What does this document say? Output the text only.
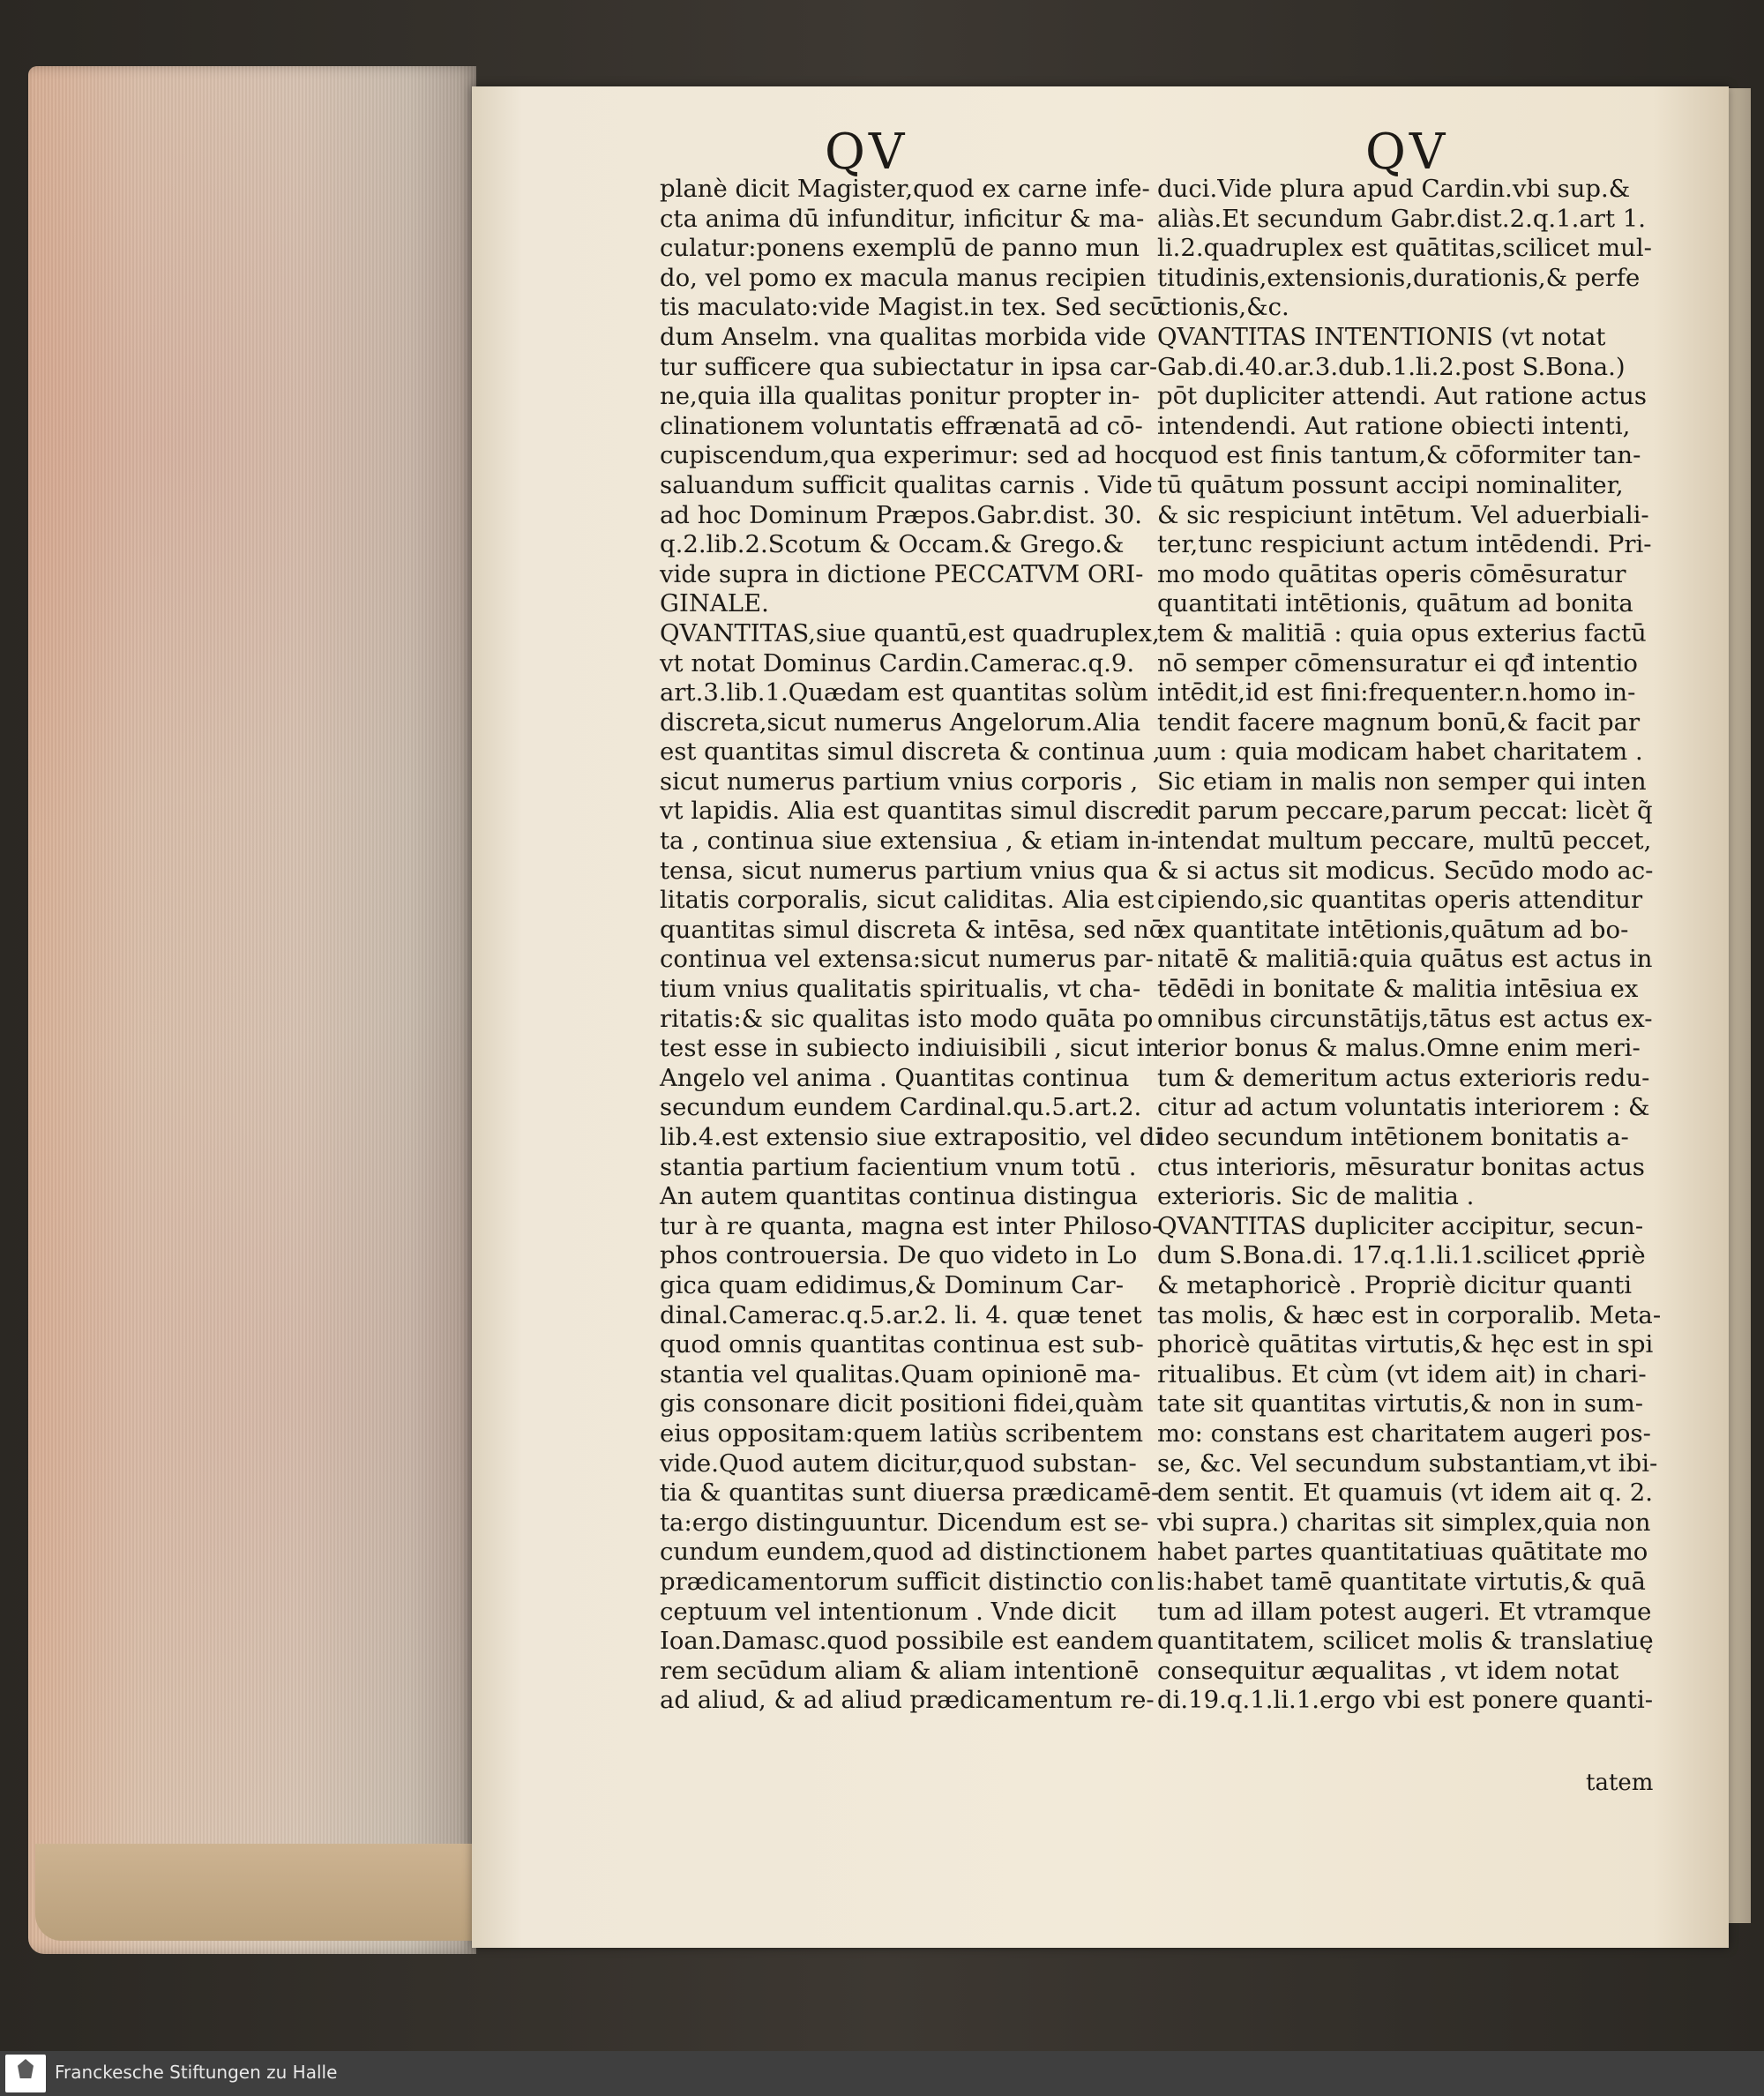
QV	QV
planè dicit Magister,quod ex carne infe-
cta anima dū infunditur, inficitur & ma-
culatur:ponens exemplū de panno mun
do, vel pomo ex macula manus recipien
tis maculato:vide Magist.in tex. Sed secū
dum Anselm. vna qualitas morbida vide
tur sufficere qua subiectatur in ipsa car-
ne,quia illa qualitas ponitur propter in-
clinationem voluntatis effrænatā ad cō-
cupiscendum,qua experimur: sed ad hoc
saluandum sufficit qualitas carnis . Vide
ad hoc Dominum Præpos.Gabr.dist. 30.
q.2.lib.2.Scotum & Occam.& Grego.&
vide supra in dictione PECCATVM ORI-
GINALE.
QVANTITAS,siue quantū,est quadruplex,
vt notat Dominus Cardin.Camerac.q.9.
art.3.lib.1.Quædam est quantitas solùm
discreta,sicut numerus Angelorum.Alia
est quantitas simul discreta & continua ,
sicut numerus partium vnius corporis ,
vt lapidis. Alia est quantitas simul discre
ta , continua siue extensiua , & etiam in-
tensa, sicut numerus partium vnius qua
litatis corporalis, sicut caliditas. Alia est
quantitas simul discreta & intēsa, sed nō
continua vel extensa:sicut numerus par-
tium vnius qualitatis spiritualis, vt cha-
ritatis:& sic qualitas isto modo quāta po
test esse in subiecto indiuisibili , sicut in
Angelo vel anima . Quantitas continua
secundum eundem Cardinal.qu.5.art.2.
lib.4.est extensio siue extrapositio, vel di
stantia partium facientium vnum totū .
An autem quantitas continua distingua
tur à re quanta, magna est inter Philoso-
phos controuersia. De quo videto in Lo
gica quam edidimus,& Dominum Car-
dinal.Camerac.q.5.ar.2. li. 4. quæ tenet
quod omnis quantitas continua est sub-
stantia vel qualitas.Quam opinionē ma-
gis consonare dicit positioni fidei,quàm
eius oppositam:quem latiùs scribentem
vide.Quod autem dicitur,quod substan-
tia & quantitas sunt diuersa prædicamē-
ta:ergo distinguuntur. Dicendum est se-
cundum eundem,quod ad distinctionem
prædicamentorum sufficit distinctio con
ceptuum vel intentionum . Vnde dicit
Ioan.Damasc.quod possibile est eandem
rem secūdum aliam & aliam intentionē
ad aliud, & ad aliud prædicamentum re-
duci.Vide plura apud Cardin.vbi sup.&
aliàs.Et secundum Gabr.dist.2.q.1.art 1.
li.2.quadruplex est quātitas,scilicet mul-
titudinis,extensionis,durationis,& perfe
ctionis,&c.
QVANTITAS INTENTIONIS (vt notat
Gab.di.40.ar.3.dub.1.li.2.post S.Bona.)
pōt dupliciter attendi. Aut ratione actus
intendendi. Aut ratione obiecti intenti,
quod est finis tantum,& cōformiter tan-
tū quātum possunt accipi nominaliter,
& sic respiciunt intētum. Vel aduerbiali-
ter,tunc respiciunt actum intēdendi. Pri-
mo modo quātitas operis cōmēsuratur
quantitati intētionis, quātum ad bonita
tem & malitiā : quia opus exterius factū
nō semper cōmensuratur ei qđ intentio
intēdit,id est fini:frequenter.n.homo in-
tendit facere magnum bonū,& facit par
uum : quia modicam habet charitatem .
Sic etiam in malis non semper qui inten
dit parum peccare,parum peccat: licèt q̃
intendat multum peccare, multū peccet,
& si actus sit modicus. Secūdo modo ac-
cipiendo,sic quantitas operis attenditur
ex quantitate intētionis,quātum ad bo-
nitatē & malitiā:quia quātus est actus in
tēdēdi in bonitate & malitia intēsiua ex
omnibus circunstātijs,tātus est actus ex-
terior bonus & malus.Omne enim meri-
tum & demeritum actus exterioris redu-
citur ad actum voluntatis interiorem : &
ideo secundum intētionem bonitatis a-
ctus interioris, mēsuratur bonitas actus
exterioris. Sic de malitia .
QVANTITAS dupliciter accipitur, secun-
dum S.Bona.di. 17.q.1.li.1.scilicet ꝓpriè
& metaphoricè . Propriè dicitur quanti
tas molis, & hæc est in corporalib. Meta-
phoricè quātitas virtutis,& hęc est in spi
ritualibus. Et cùm (vt idem ait) in chari-
tate sit quantitas virtutis,& non in sum-
mo: constans est charitatem augeri pos-
se, &c. Vel secundum substantiam,vt ibi-
dem sentit. Et quamuis (vt idem ait q. 2.
vbi supra.) charitas sit simplex,quia non
habet partes quantitatiuas quātitate mo
lis:habet tamē quantitate virtutis,& quā
tum ad illam potest augeri. Et vtramque
quantitatem, scilicet molis & translatiuę
consequitur æqualitas , vt idem notat
di.19.q.1.li.1.ergo vbi est ponere quanti-
tatem
Franckesche Stiftungen zu Halle
